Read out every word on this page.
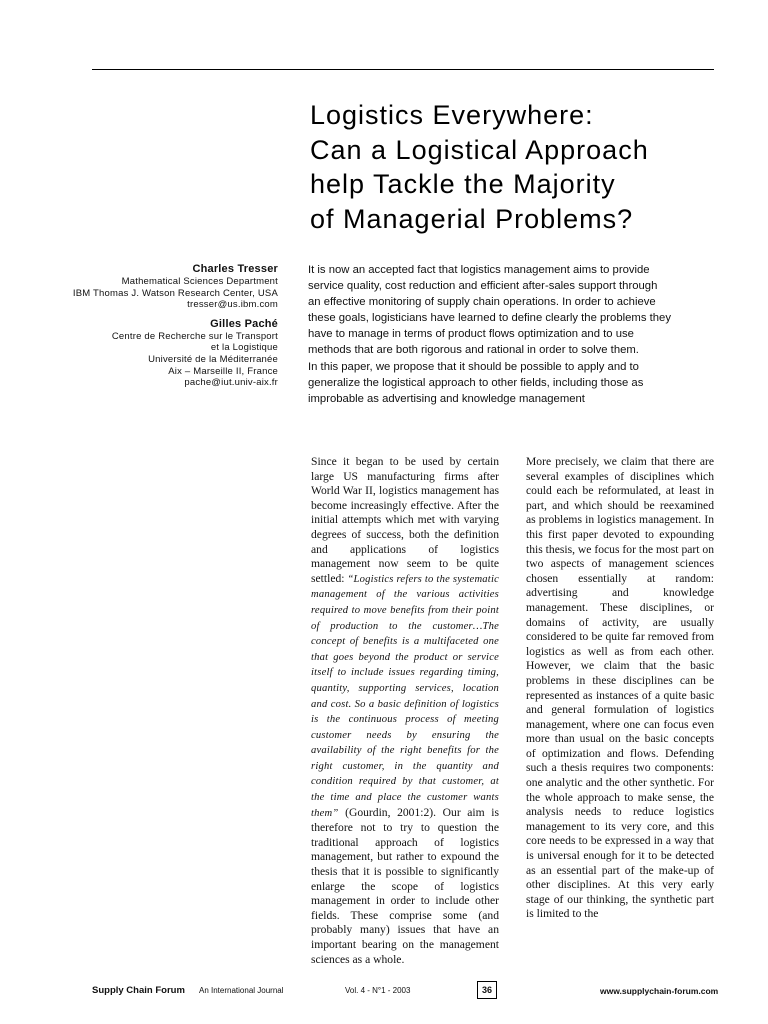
Logistics Everywhere:
Can a Logistical Approach
help Tackle the Majority
of Managerial Problems?
Charles Tresser
Mathematical Sciences Department
IBM Thomas J. Watson Research Center, USA
tresser@us.ibm.com
Gilles Paché
Centre de Recherche sur le Transport
et la Logistique
Université de la Méditerranée
Aix – Marseille II, France
pache@iut.univ-aix.fr
It is now an accepted fact that logistics management aims to provide
service quality, cost reduction and efficient after-sales support through
an effective monitoring of supply chain operations. In order to achieve
these goals, logisticians have learned to define clearly the problems they
have to manage in terms of product flows optimization and to use
methods that are both rigorous and rational in order to solve them.
In this paper, we propose that it should be possible to apply and to
generalize the logistical approach to other fields, including those as
improbable as advertising and knowledge management
Since it began to be used by certain large US manufacturing firms after World War II, logistics management has become increasingly effective. After the initial attempts which met with varying degrees of success, both the definition and applications of logistics management now seem to be quite settled: “Logistics refers to the systematic management of the various activities required to move benefits from their point of production to the customer…The concept of benefits is a multifaceted one that goes beyond the product or service itself to include issues regarding timing, quantity, supporting services, location and cost. So a basic definition of logistics is the continuous process of meeting customer needs by ensuring the availability of the right benefits for the right customer, in the quantity and condition required by that customer, at the time and place the customer wants them” (Gourdin, 2001:2). Our aim is therefore not to try to question the traditional approach of logistics management, but rather to expound the thesis that it is possible to significantly enlarge the scope of logistics management in order to include other fields. These comprise some (and probably many) issues that have an important bearing on the management sciences as a whole.
More precisely, we claim that there are several examples of disciplines which could each be reformulated, at least in part, and which should be reexamined as problems in logistics management. In this first paper devoted to expounding this thesis, we focus for the most part on two aspects of management sciences chosen essentially at random: advertising and knowledge management. These disciplines, or domains of activity, are usually considered to be quite far removed from logistics as well as from each other. However, we claim that the basic problems in these disciplines can be represented as instances of a quite basic and general formulation of logistics management, where one can focus even more than usual on the basic concepts of optimization and flows. Defending such a thesis requires two components: one analytic and the other synthetic. For the whole approach to make sense, the analysis needs to reduce logistics management to its very core, and this core needs to be expressed in a way that is universal enough for it to be detected as an essential part of the make-up of other disciplines. At this very early stage of our thinking, the synthetic part is limited to the
Supply Chain Forum An International Journal	Vol. 4 - N°1 - 2003	36	www.supplychain-forum.com
